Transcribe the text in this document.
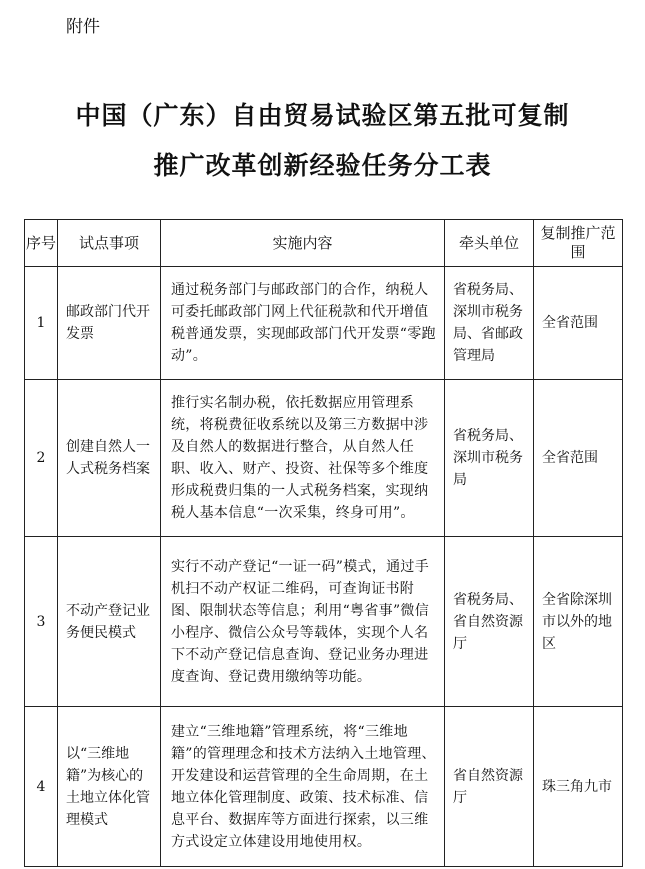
附件
中国（广东）自由贸易试验区第五批可复制
推广改革创新经验任务分工表
序号	试点事项	实施内容	牵头单位	复制推广范围
1	邮政部门代开发票	通过税务部门与邮政部门的合作，纳税人可委托邮政部门网上代征税款和代开增值税普通发票，实现邮政部门代开发票“零跑动”。	省税务局、深圳市税务局、省邮政管理局	全省范围
2	创建自然人一人式税务档案	推行实名制办税，依托数据应用管理系统，将税费征收系统以及第三方数据中涉及自然人的数据进行整合，从自然人任职、收入、财产、投资、社保等多个维度形成税费归集的一人式税务档案，实现纳税人基本信息“一次采集，终身可用”。	省税务局、深圳市税务局	全省范围
3	不动产登记业务便民模式	实行不动产登记“一证一码”模式，通过手机扫不动产权证二维码，可查询证书附图、限制状态等信息；利用“粤省事”微信小程序、微信公众号等载体，实现个人名下不动产登记信息查询、登记业务办理进度查询、登记费用缴纳等功能。	省税务局、省自然资源厅	全省除深圳市以外的地区
4	以“三维地籍”为核心的土地立体化管理模式	建立“三维地籍”管理系统，将“三维地籍”的管理理念和技术方法纳入土地管理、开发建设和运营管理的全生命周期，在土地立体化管理制度、政策、技术标准、信息平台、数据库等方面进行探索，以三维方式设定立体建设用地使用权。	省自然资源厅	珠三角九市
